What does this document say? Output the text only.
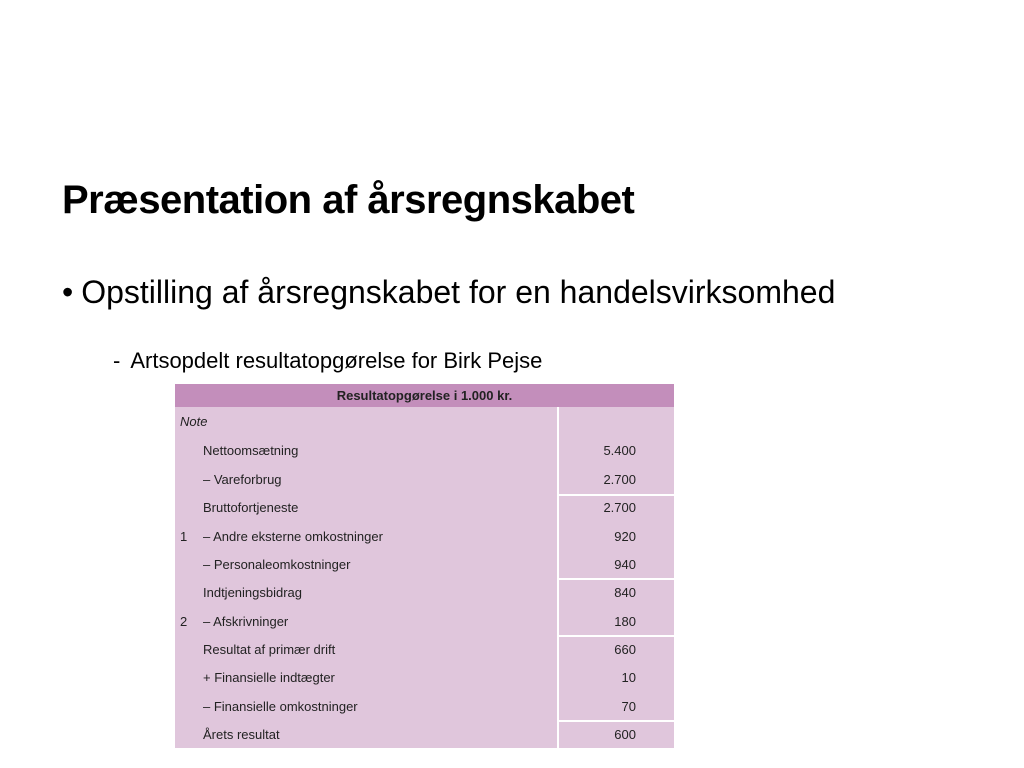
Præsentation af årsregnskabet
• Opstilling af årsregnskabet for en handelsvirksomhed
- Artsopdelt resultatopgørelse for Birk Pejse
Resultatopgørelse i 1.000 kr.
Note
Nettoomsætning	5.400
– Vareforbrug	2.700
Bruttofortjeneste	2.700
1	– Andre eksterne omkostninger	920
– Personaleomkostninger	940
Indtjeningsbidrag	840
2	– Afskrivninger	180
Resultat af primær drift	660
+ Finansielle indtægter	10
– Finansielle omkostninger	70
Årets resultat	600
